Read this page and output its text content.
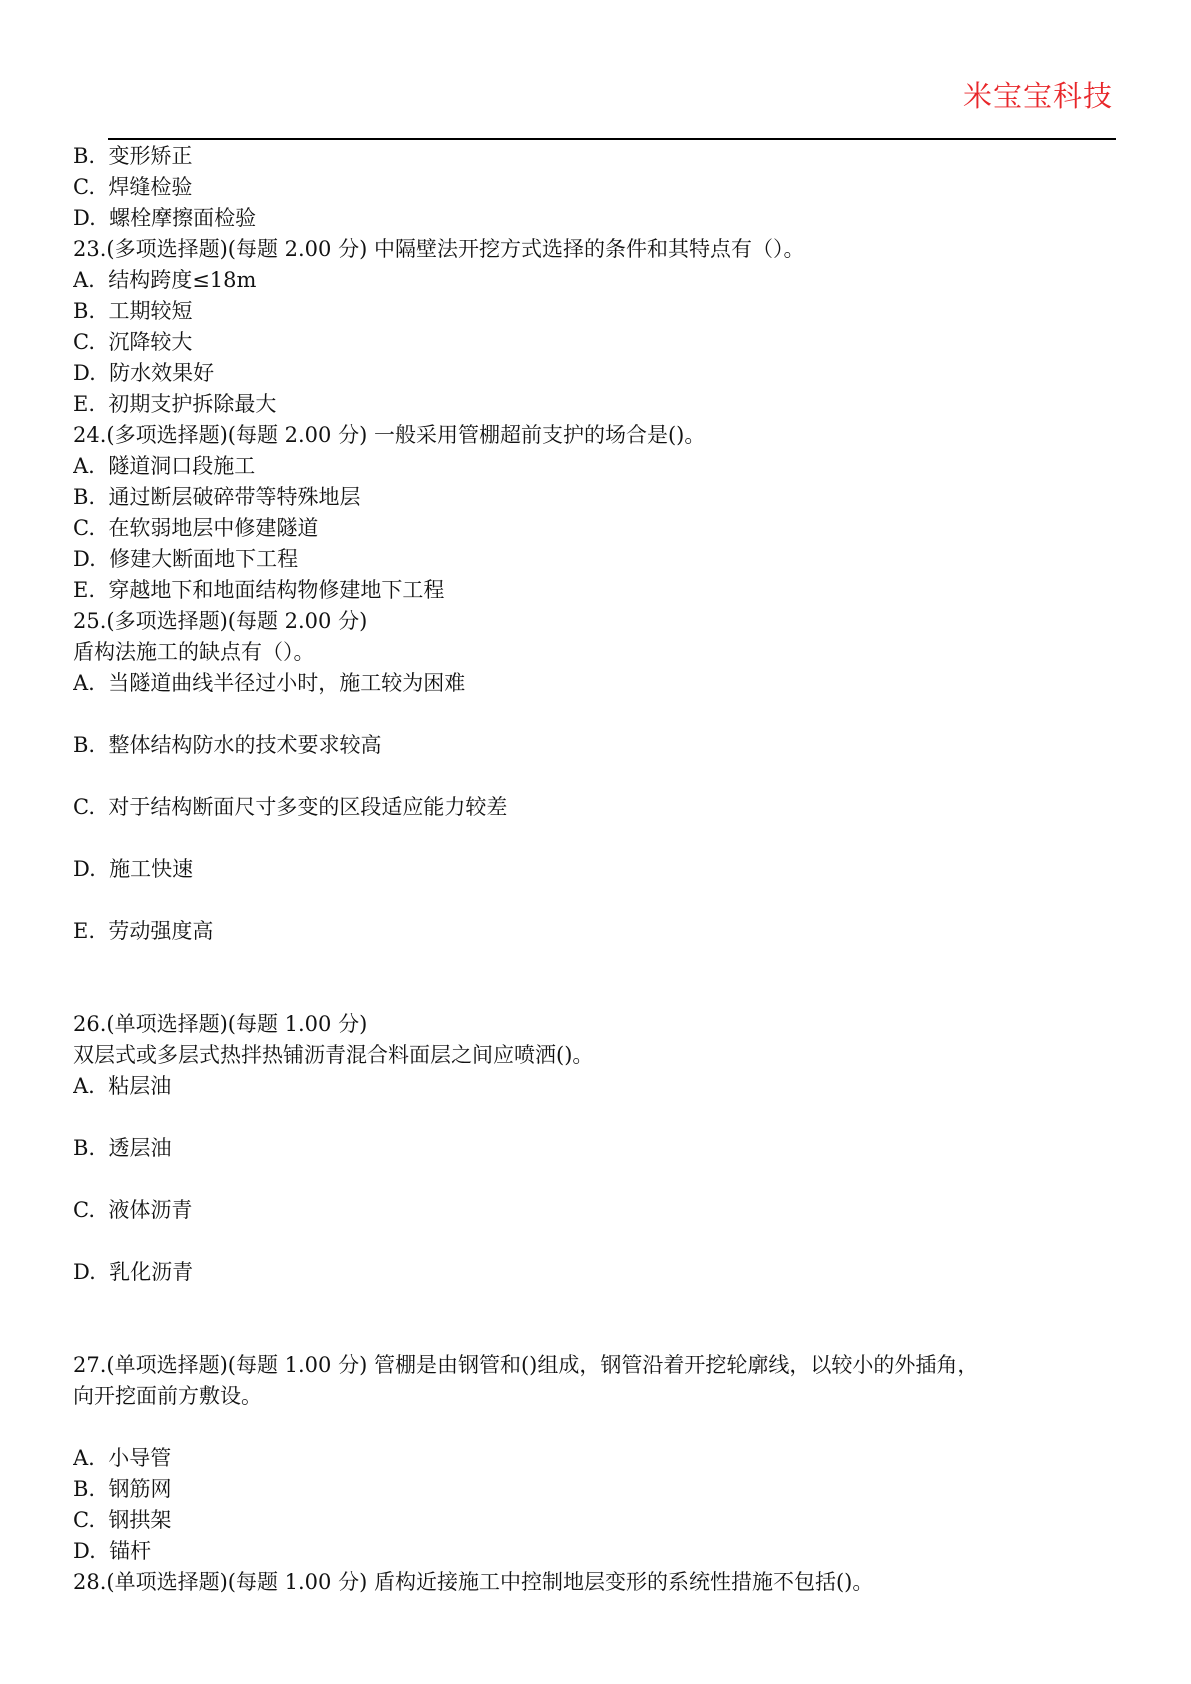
米宝宝科技
B.  变形矫正
C.  焊缝检验
D.  螺栓摩擦面检验
23.(多项选择题)(每题 2.00 分) 中隔壁法开挖方式选择的条件和其特点有（）。
A.  结构跨度≤18m
B.  工期较短
C.  沉降较大
D.  防水效果好
E.  初期支护拆除最大
24.(多项选择题)(每题 2.00 分) 一般采用管棚超前支护的场合是()。
A.  隧道洞口段施工
B.  通过断层破碎带等特殊地层
C.  在软弱地层中修建隧道
D.  修建大断面地下工程
E.  穿越地下和地面结构物修建地下工程
25.(多项选择题)(每题 2.00 分)
盾构法施工的缺点有（）。
A.  当隧道曲线半径过小时，施工较为困难
B.  整体结构防水的技术要求较高
C.  对于结构断面尺寸多变的区段适应能力较差
D.  施工快速
E.  劳动强度高
26.(单项选择题)(每题 1.00 分)
双层式或多层式热拌热铺沥青混合料面层之间应喷洒()。
A.  粘层油
B.  透层油
C.  液体沥青
D.  乳化沥青
27.(单项选择题)(每题 1.00 分) 管棚是由钢管和()组成，钢管沿着开挖轮廓线，以较小的外插角，
向开挖面前方敷设。
A.  小导管
B.  钢筋网
C.  钢拱架
D.  锚杆
28.(单项选择题)(每题 1.00 分) 盾构近接施工中控制地层变形的系统性措施不包括()。
